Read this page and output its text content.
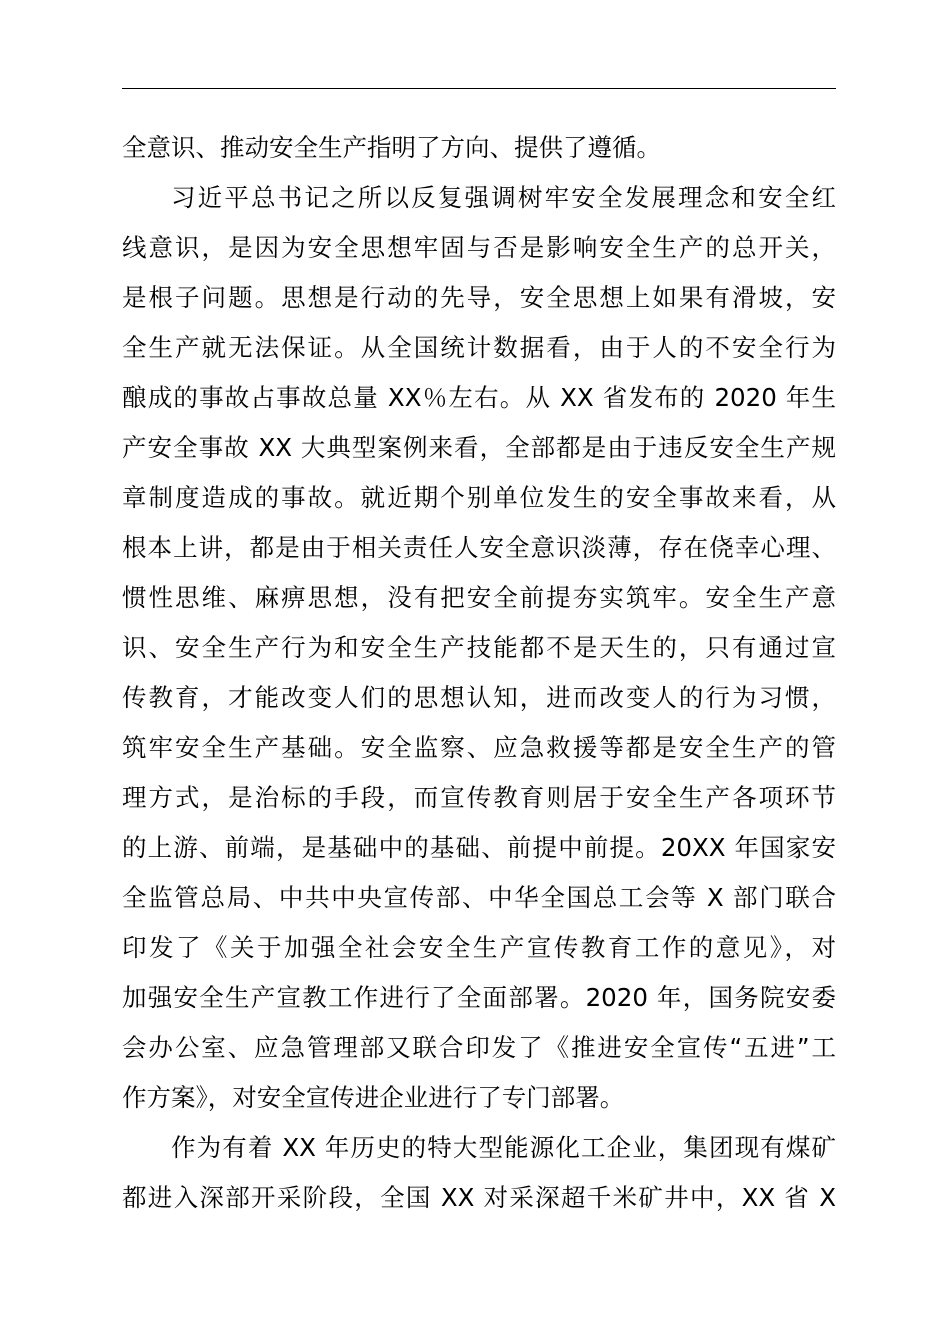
全意识、推动安全生产指明了方向、提供了遵循。
习近平总书记之所以反复强调树牢安全发展理念和安全红
线意识，是因为安全思想牢固与否是影响安全生产的总开关，
是根子问题。思想是行动的先导，安全思想上如果有滑坡，安
全生产就无法保证。从全国统计数据看，由于人的不安全行为
酿成的事故占事故总量 XX％左右。从 XX 省发布的 2020 年生
产安全事故 XX 大典型案例来看，全部都是由于违反安全生产规
章制度造成的事故。就近期个别单位发生的安全事故来看，从
根本上讲，都是由于相关责任人安全意识淡薄，存在侥幸心理、
惯性思维、麻痹思想，没有把安全前提夯实筑牢。安全生产意
识、安全生产行为和安全生产技能都不是天生的，只有通过宣
传教育，才能改变人们的思想认知，进而改变人的行为习惯，
筑牢安全生产基础。安全监察、应急救援等都是安全生产的管
理方式，是治标的手段，而宣传教育则居于安全生产各项环节
的上游、前端，是基础中的基础、前提中前提。20XX 年国家安
全监管总局、中共中央宣传部、中华全国总工会等 X 部门联合
印发了《关于加强全社会安全生产宣传教育工作的意见》，对
加强安全生产宣教工作进行了全面部署。2020 年，国务院安委
会办公室、应急管理部又联合印发了《推进安全宣传“五进”工
作方案》，对安全宣传进企业进行了专门部署。
作为有着 XX 年历史的特大型能源化工企业，集团现有煤矿
都进入深部开采阶段，全国 XX 对采深超千米矿井中，XX 省 X
